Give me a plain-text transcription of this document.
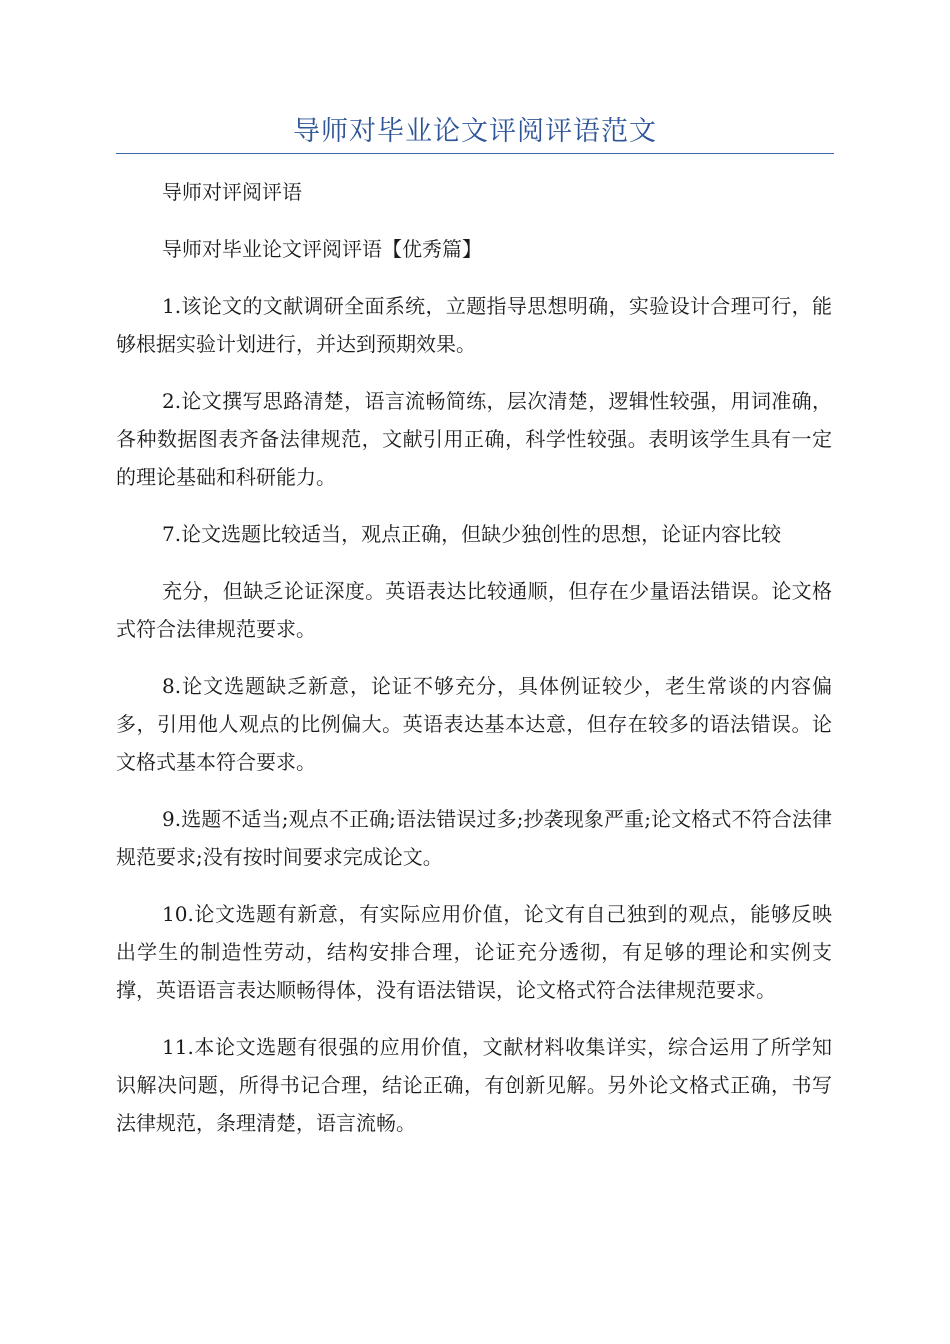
导师对毕业论文评阅评语范文

导师对评阅评语

导师对毕业论文评阅评语【优秀篇】

1.该论文的文献调研全面系统，立题指导思想明确，实验设计合理可行，能够根据实验计划进行，并达到预期效果。

2.论文撰写思路清楚，语言流畅简练，层次清楚，逻辑性较强，用词准确，各种数据图表齐备法律规范，文献引用正确，科学性较强。表明该学生具有一定的理论基础和科研能力。

7.论文选题比较适当，观点正确，但缺少独创性的思想，论证内容比较

充分，但缺乏论证深度。英语表达比较通顺，但存在少量语法错误。论文格式符合法律规范要求。

8.论文选题缺乏新意，论证不够充分，具体例证较少，老生常谈的内容偏多，引用他人观点的比例偏大。英语表达基本达意，但存在较多的语法错误。论文格式基本符合要求。

9.选题不适当;观点不正确;语法错误过多;抄袭现象严重;论文格式不符合法律规范要求;没有按时间要求完成论文。

10.论文选题有新意，有实际应用价值，论文有自己独到的观点，能够反映出学生的制造性劳动，结构安排合理，论证充分透彻，有足够的理论和实例支撑，英语语言表达顺畅得体，没有语法错误，论文格式符合法律规范要求。

11.本论文选题有很强的应用价值，文献材料收集详实，综合运用了所学知识解决问题，所得书记合理，结论正确，有创新见解。另外论文格式正确，书写法律规范，条理清楚，语言流畅。
